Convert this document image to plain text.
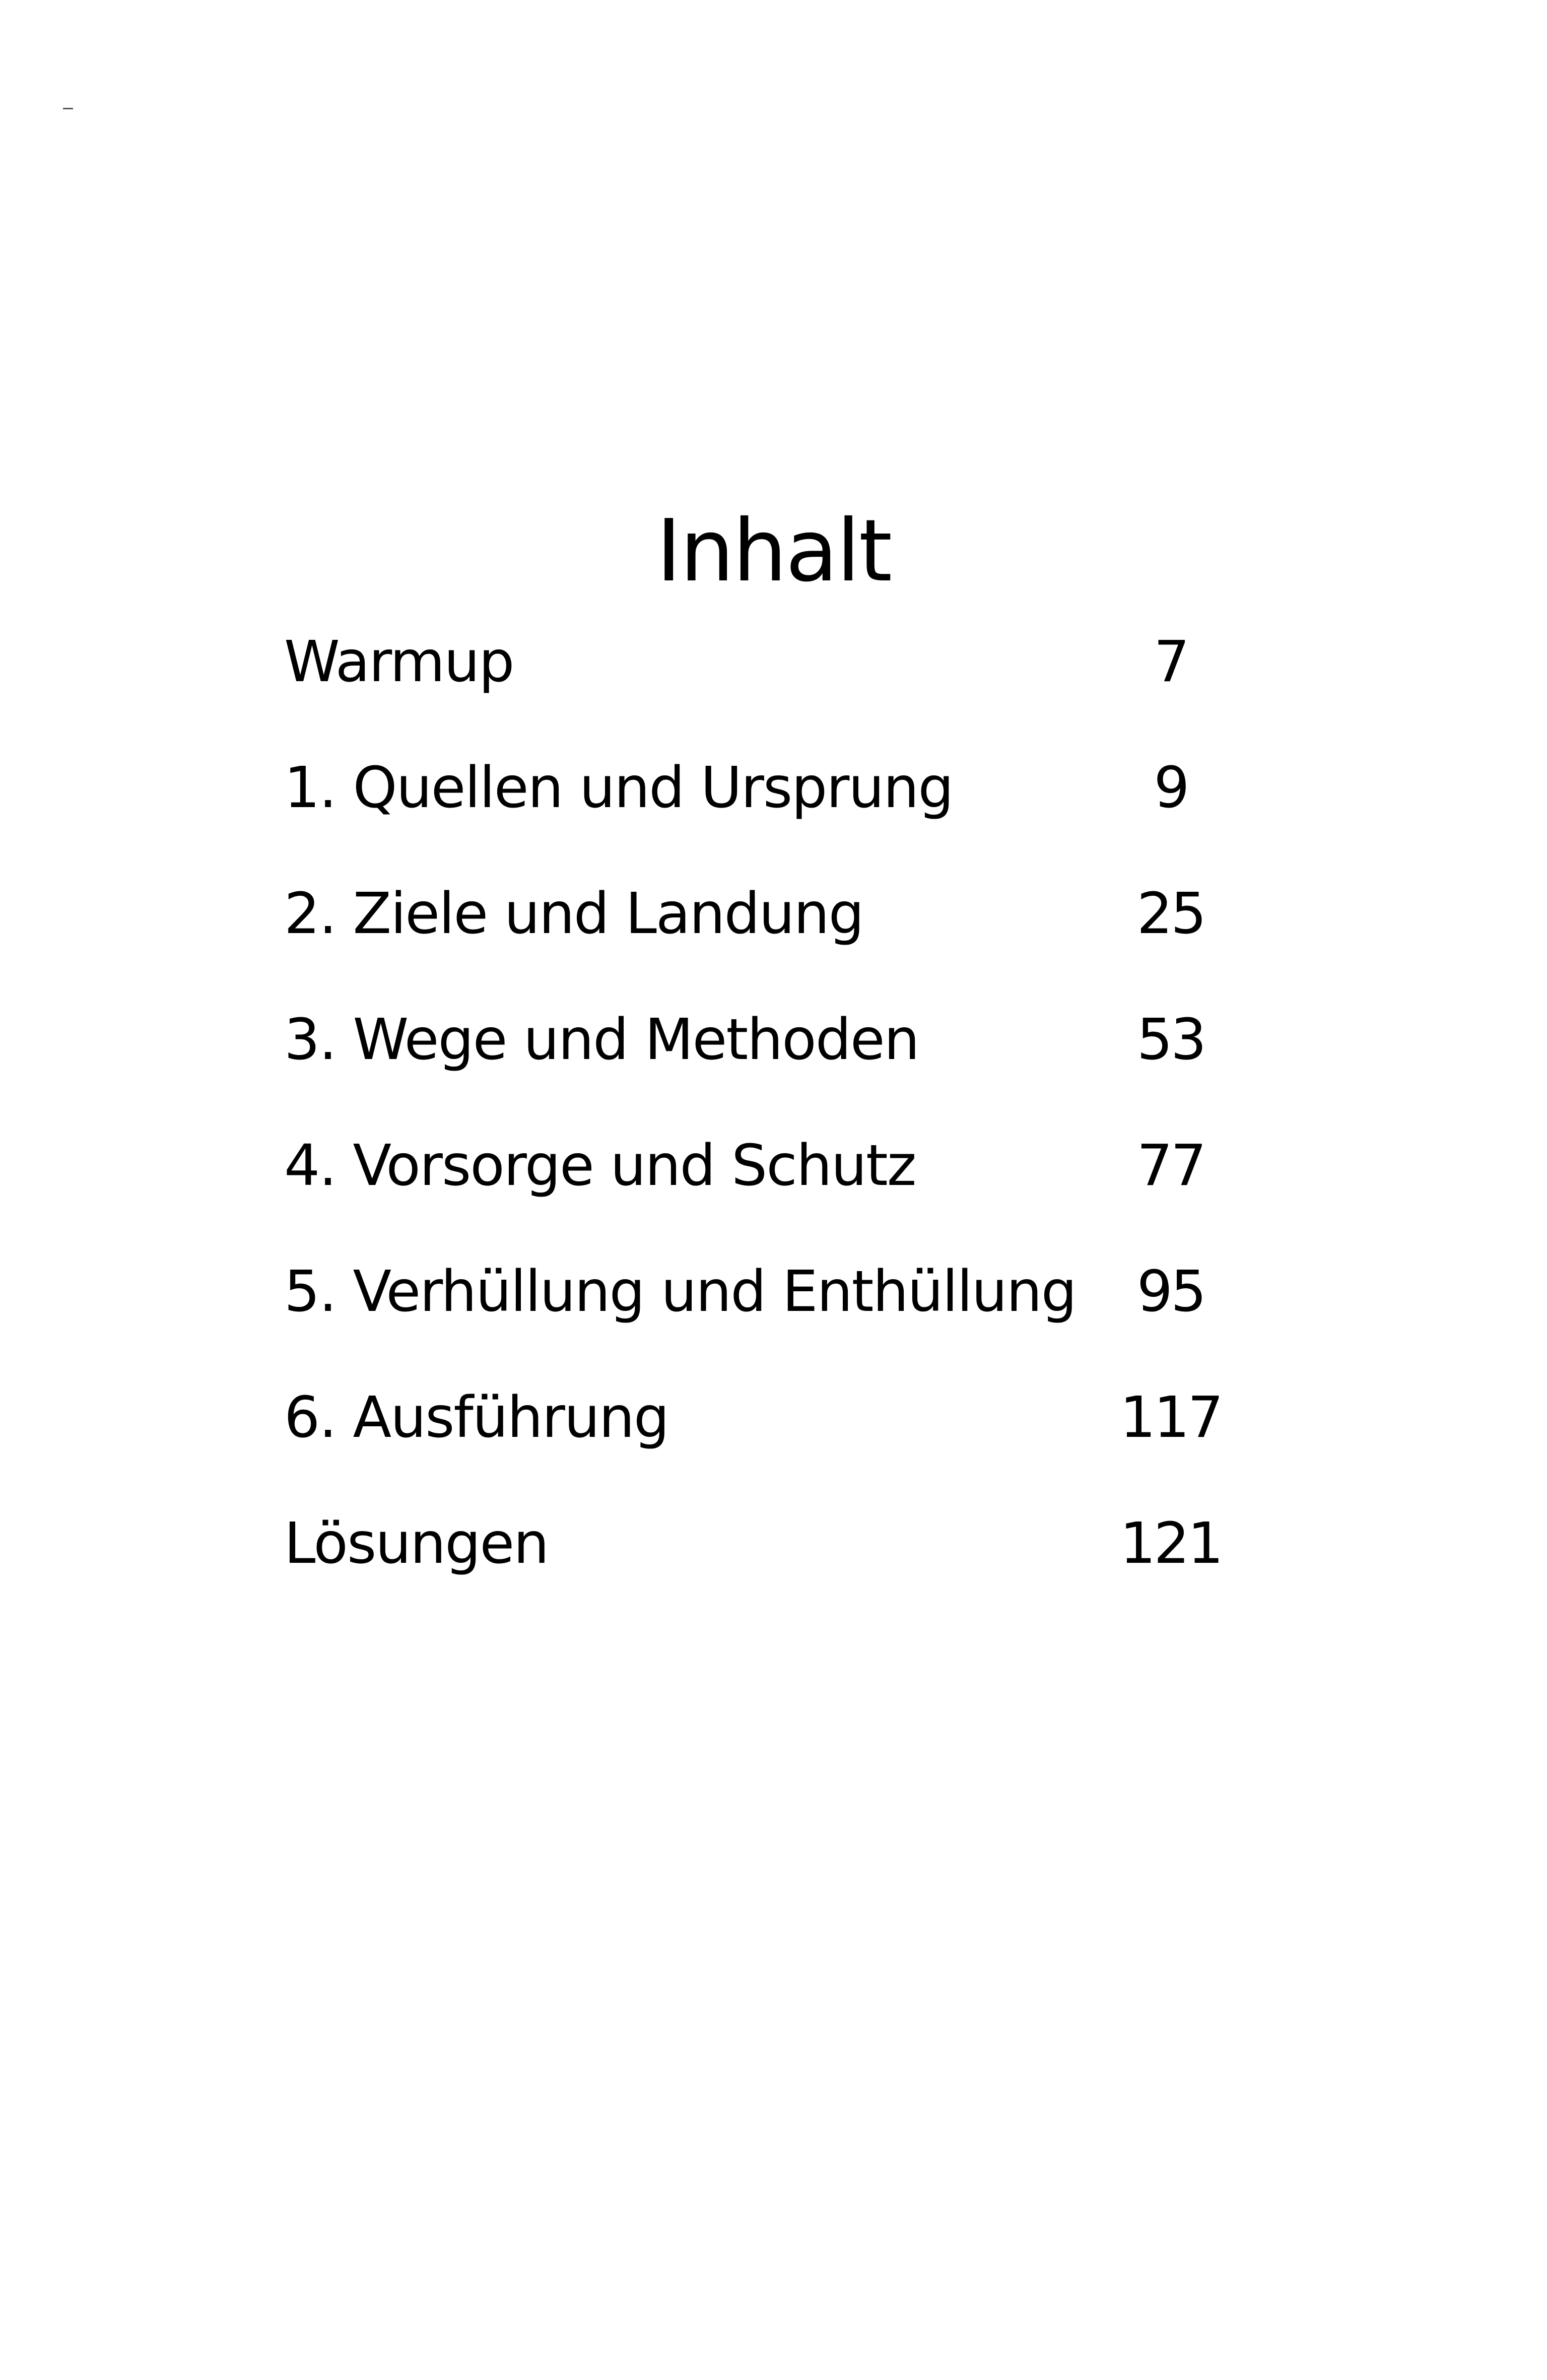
Inhalt
Warmup	7
1. Quellen und Ursprung	9
2. Ziele und Landung	25
3. Wege und Methoden	53
4. Vorsorge und Schutz	77
5. Verhüllung und Enthüllung	95
6. Ausführung	117
Lösungen	121
